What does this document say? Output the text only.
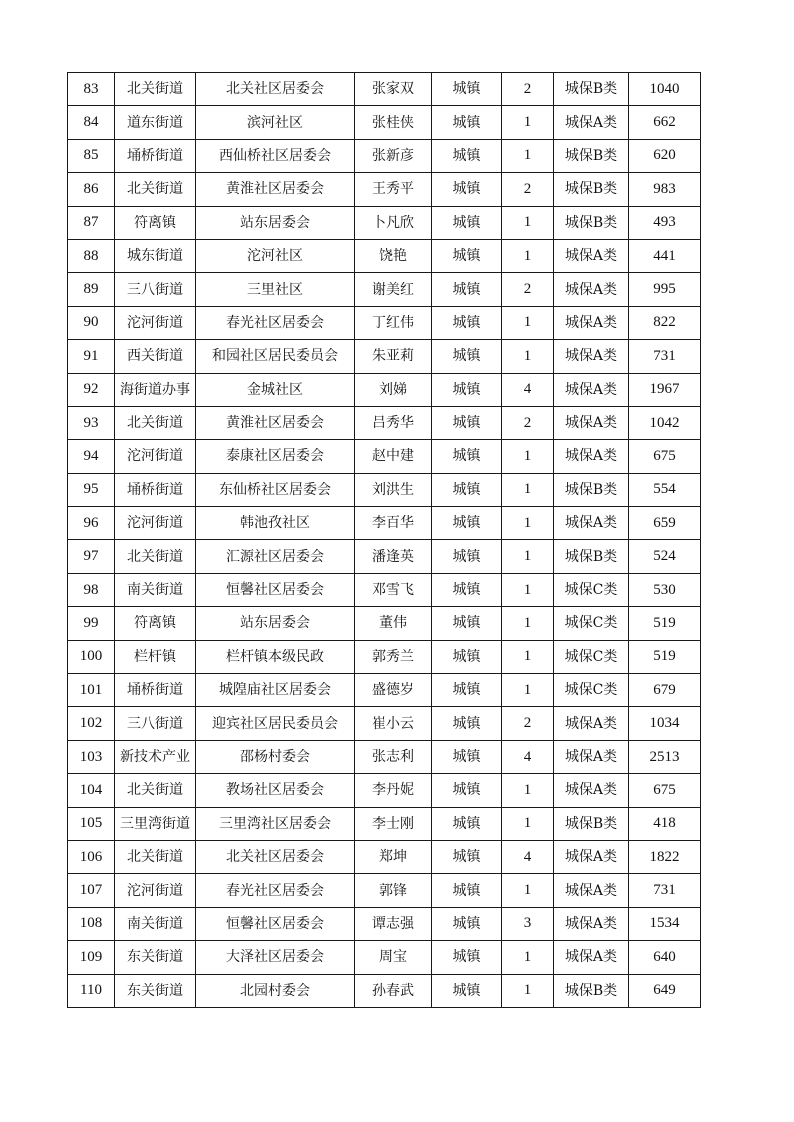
83	北关街道	北关社区居委会	张家双	城镇	2	城保B类	1040
84	道东街道	滨河社区	张桂侠	城镇	1	城保A类	662
85	埇桥街道	西仙桥社区居委会	张新彦	城镇	1	城保B类	620
86	北关街道	黄淮社区居委会	王秀平	城镇	2	城保B类	983
87	符离镇	站东居委会	卜凡欣	城镇	1	城保B类	493
88	城东街道	沱河社区	饶艳	城镇	1	城保A类	441
89	三八街道	三里社区	谢美红	城镇	2	城保A类	995
90	沱河街道	春光社区居委会	丁红伟	城镇	1	城保A类	822
91	西关街道	和园社区居民委员会	朱亚莉	城镇	1	城保A类	731
92	海街道办事	金城社区	刘娣	城镇	4	城保A类	1967
93	北关街道	黄淮社区居委会	吕秀华	城镇	2	城保A类	1042
94	沱河街道	泰康社区居委会	赵中建	城镇	1	城保A类	675
95	埇桥街道	东仙桥社区居委会	刘洪生	城镇	1	城保B类	554
96	沱河街道	韩池孜社区	李百华	城镇	1	城保A类	659
97	北关街道	汇源社区居委会	潘逢英	城镇	1	城保B类	524
98	南关街道	恒馨社区居委会	邓雪飞	城镇	1	城保C类	530
99	符离镇	站东居委会	董伟	城镇	1	城保C类	519
100	栏杆镇	栏杆镇本级民政	郭秀兰	城镇	1	城保C类	519
101	埇桥街道	城隍庙社区居委会	盛德岁	城镇	1	城保C类	679
102	三八街道	迎宾社区居民委员会	崔小云	城镇	2	城保A类	1034
103	新技术产业	邵杨村委会	张志利	城镇	4	城保A类	2513
104	北关街道	教场社区居委会	李丹妮	城镇	1	城保A类	675
105	三里湾街道	三里湾社区居委会	李士刚	城镇	1	城保B类	418
106	北关街道	北关社区居委会	郑坤	城镇	4	城保A类	1822
107	沱河街道	春光社区居委会	郭锋	城镇	1	城保A类	731
108	南关街道	恒馨社区居委会	谭志强	城镇	3	城保A类	1534
109	东关街道	大泽社区居委会	周宝	城镇	1	城保A类	640
110	东关街道	北园村委会	孙春武	城镇	1	城保B类	649
